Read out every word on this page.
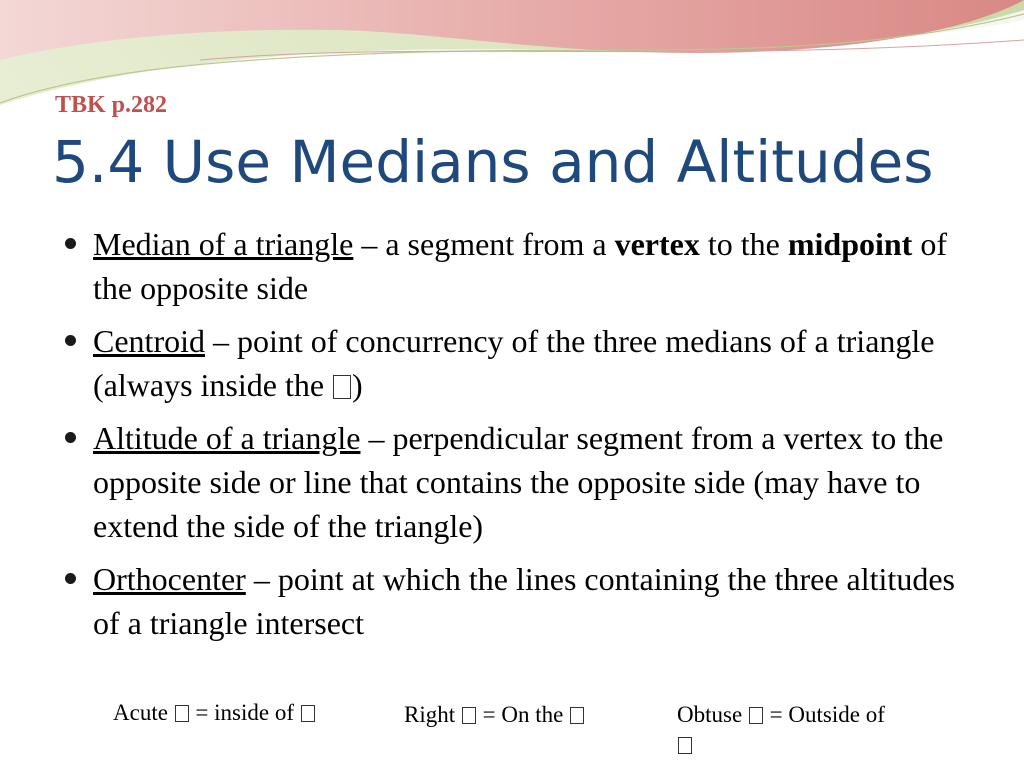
TBK p.282

5.4 Use Medians and Altitudes
Median of a triangle – a segment from a vertex to the midpoint of the opposite side
Centroid – point of concurrency of the three medians of a triangle (always inside the )
Altitude of a triangle – perpendicular segment from a vertex to the opposite side or line that contains the opposite side (may have to extend the side of the triangle)
Orthocenter – point at which the lines containing the three altitudes of a triangle intersect

Acute  = inside of	Right  = On the	Obtuse  = Outside of
